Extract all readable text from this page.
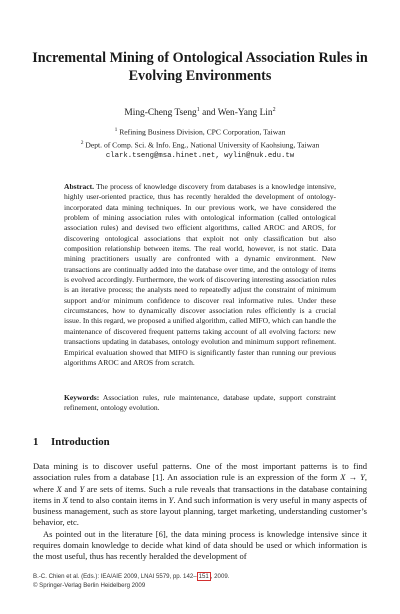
Incremental Mining of Ontological Association Rules in Evolving Environments
Ming-Cheng Tseng$^1$ and Wen-Yang Lin$^2$
$^1$ Refining Business Division, CPC Corporation, Taiwan
$^2$ Dept. of Comp. Sci. & Info. Eng., National University of Kaohsiung, Taiwan
clark.tseng@msa.hinet.net, wylin@nuk.edu.tw

Abstract. The process of knowledge discovery from databases is a knowledge intensive, highly user-oriented practice, thus has recently heralded the development of ontology-incorporated data mining techniques. In our previous work, we have considered the problem of mining association rules with ontological information (called ontological association rules) and devised two efficient algorithms, called AROC and AROS, for discovering ontological associations that exploit not only classification but also composition relationship between items. The real world, however, is not static. Data mining practitioners usually are confronted with a dynamic environment. New transactions are continually added into the database over time, and the ontology of items is evolved accordingly. Furthermore, the work of discovering interesting association rules is an iterative process; the analysts need to repeatedly adjust the constraint of minimum support and/or minimum confidence to discover real informative rules. Under these circumstances, how to dynamically discover association rules efficiently is a crucial issue. In this regard, we proposed a unified algorithm, called MIFO, which can handle the maintenance of discovered frequent patterns taking account of all evolving factors: new transactions updating in databases, ontology evolution and minimum support refinement. Empirical evaluation showed that MIFO is significantly faster than running our previous algorithms AROC and AROS from scratch.

Keywords: Association rules, rule maintenance, database update, support constraint refinement, ontology evolution.

1 Introduction

Data mining is to discover useful patterns. One of the most important patterns is to find association rules from a database [1]. An association rule is an expression of the form X → Y, where X and Y are sets of items. Such a rule reveals that transactions in the database containing items in X tend to also contain items in Y. And such information is very useful in many aspects of business management, such as store layout planning, target marketing, understanding customer’s behavior, etc.

As pointed out in the literature [6], the data mining process is knowledge intensive since it requires domain knowledge to decide what kind of data should be used or which information is the most useful, thus has recently heralded the development of

B.-C. Chien et al. (Eds.): IEA/AIE 2009, LNAI 5579, pp. 142– 151 , 2009.
© Springer-Verlag Berlin Heidelberg 2009
